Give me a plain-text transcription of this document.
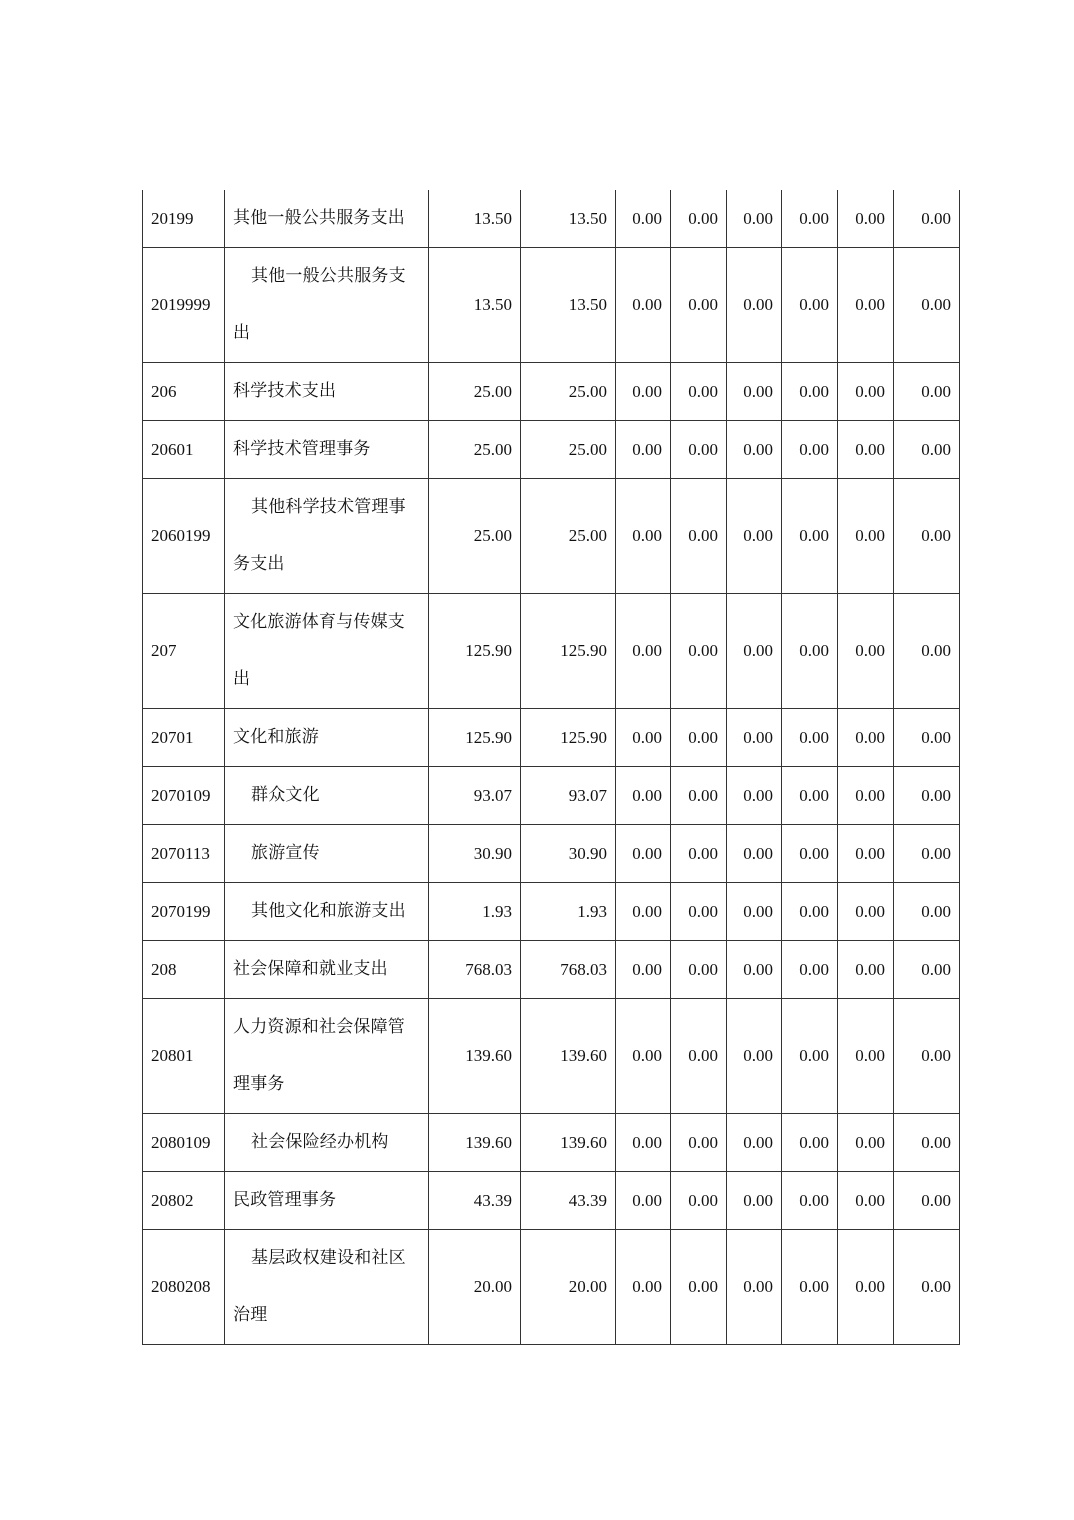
20199	其他一般公共服务支出	13.50	13.50	0.00	0.00	0.00	0.00	0.00	0.00
2019999	其他一般公共服务支出	13.50	13.50	0.00	0.00	0.00	0.00	0.00	0.00
206	科学技术支出	25.00	25.00	0.00	0.00	0.00	0.00	0.00	0.00
20601	科学技术管理事务	25.00	25.00	0.00	0.00	0.00	0.00	0.00	0.00
2060199	其他科学技术管理事务支出	25.00	25.00	0.00	0.00	0.00	0.00	0.00	0.00
207	文化旅游体育与传媒支出	125.90	125.90	0.00	0.00	0.00	0.00	0.00	0.00
20701	文化和旅游	125.90	125.90	0.00	0.00	0.00	0.00	0.00	0.00
2070109	群众文化	93.07	93.07	0.00	0.00	0.00	0.00	0.00	0.00
2070113	旅游宣传	30.90	30.90	0.00	0.00	0.00	0.00	0.00	0.00
2070199	其他文化和旅游支出	1.93	1.93	0.00	0.00	0.00	0.00	0.00	0.00
208	社会保障和就业支出	768.03	768.03	0.00	0.00	0.00	0.00	0.00	0.00
20801	人力资源和社会保障管理事务	139.60	139.60	0.00	0.00	0.00	0.00	0.00	0.00
2080109	社会保险经办机构	139.60	139.60	0.00	0.00	0.00	0.00	0.00	0.00
20802	民政管理事务	43.39	43.39	0.00	0.00	0.00	0.00	0.00	0.00
2080208	基层政权建设和社区治理	20.00	20.00	0.00	0.00	0.00	0.00	0.00	0.00
